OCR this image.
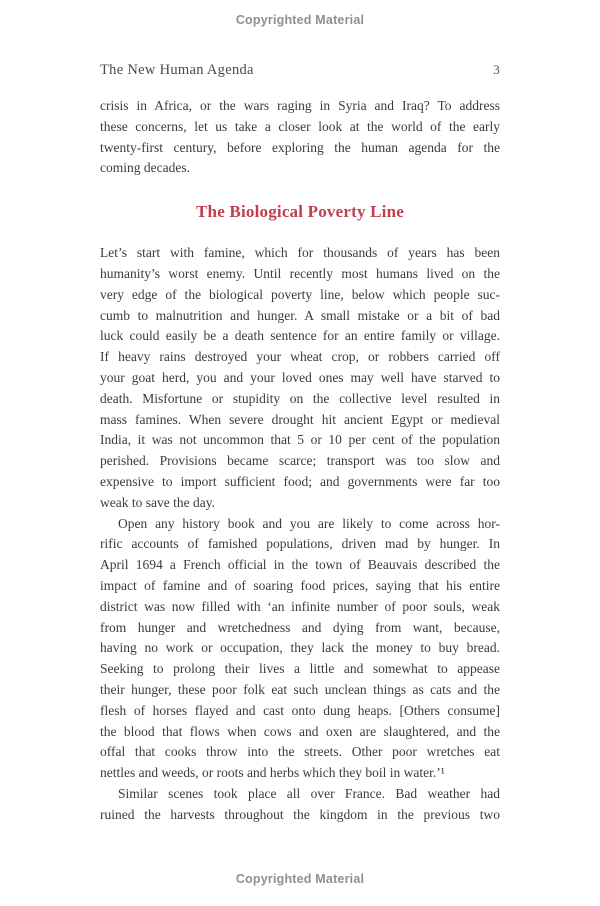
Copyrighted Material
The New Human Agenda	3
crisis in Africa, or the wars raging in Syria and Iraq? To address
these concerns, let us take a closer look at the world of the early
twenty-first century, before exploring the human agenda for the
coming decades.
The Biological Poverty Line
Let’s start with famine, which for thousands of years has been
humanity’s worst enemy. Until recently most humans lived on the
very edge of the biological poverty line, below which people suc-
cumb to malnutrition and hunger. A small mistake or a bit of bad
luck could easily be a death sentence for an entire family or village.
If heavy rains destroyed your wheat crop, or robbers carried off
your goat herd, you and your loved ones may well have starved to
death. Misfortune or stupidity on the collective level resulted in
mass famines. When severe drought hit ancient Egypt or medieval
India, it was not uncommon that 5 or 10 per cent of the population
perished. Provisions became scarce; transport was too slow and
expensive to import sufficient food; and governments were far too
weak to save the day.
Open any history book and you are likely to come across hor-
rific accounts of famished populations, driven mad by hunger. In
April 1694 a French official in the town of Beauvais described the
impact of famine and of soaring food prices, saying that his entire
district was now filled with ‘an infinite number of poor souls, weak
from hunger and wretchedness and dying from want, because,
having no work or occupation, they lack the money to buy bread.
Seeking to prolong their lives a little and somewhat to appease
their hunger, these poor folk eat such unclean things as cats and the
flesh of horses flayed and cast onto dung heaps. [Others consume]
the blood that flows when cows and oxen are slaughtered, and the
offal that cooks throw into the streets. Other poor wretches eat
nettles and weeds, or roots and herbs which they boil in water.’¹
Similar scenes took place all over France. Bad weather had
ruined the harvests throughout the kingdom in the previous two
Copyrighted Material
